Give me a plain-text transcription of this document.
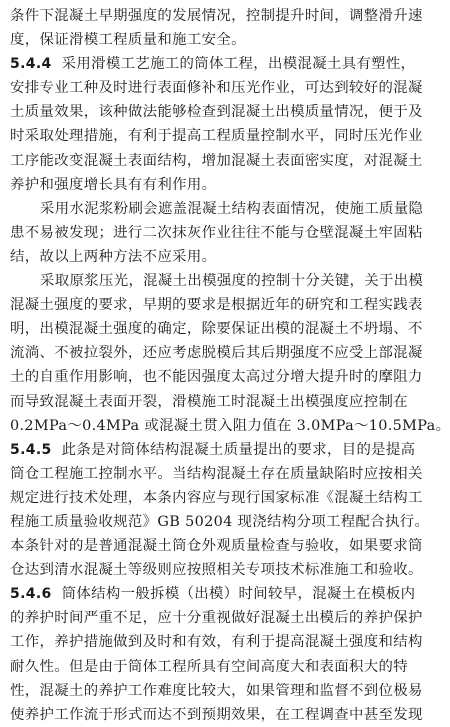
条件下混凝土早期强度的发展情况，控制提升时间，调整滑升速
度，保证滑模工程质量和施工安全。
5.4.4 采用滑模工艺施工的筒体工程，出模混凝土具有塑性，
安排专业工种及时进行表面修补和压光作业，可达到较好的混凝
土质量效果，该种做法能够检查到混凝土出模质量情况，便于及
时采取处理措施，有利于提高工程质量控制水平，同时压光作业
工序能改变混凝土表面结构，增加混凝土表面密实度，对混凝土
养护和强度增长具有有利作用。
采用水泥浆粉刷会遮盖混凝土结构表面情况，使施工质量隐
患不易被发现；进行二次抹灰作业往往不能与仓壁混凝土牢固粘
结，故以上两种方法不应采用。
采取原浆压光，混凝土出模强度的控制十分关键，关于出模
混凝土强度的要求，早期的要求是根据近年的研究和工程实践表
明，出模混凝土强度的确定，除要保证出模的混凝土不坍塌、不
流淌、不被拉裂外，还应考虑脱模后其后期强度不应受上部混凝
土的自重作用影响，也不能因强度太高过分增大提升时的摩阻力
而导致混凝土表面开裂，滑模施工时混凝土出模强度应控制在
0.2MPa～0.4MPa 或混凝土贯入阻力值在 3.0MPa～10.5MPa。
5.4.5 此条是对筒体结构混凝土质量提出的要求，目的是提高
筒仓工程施工控制水平。当结构混凝土存在质量缺陷时应按相关
规定进行技术处理，本条内容应与现行国家标准《混凝土结构工
程施工质量验收规范》GB 50204 现浇结构分项工程配合执行。
本条针对的是普通混凝土筒仓外观质量检查与验收，如果要求筒
仓达到清水混凝土等级则应按照相关专项技术标准施工和验收。
5.4.6 筒体结构一般拆模（出模）时间较早，混凝土在模板内
的养护时间严重不足，应十分重视做好混凝土出模后的养护保护
工作，养护措施做到及时和有效，有利于提高混凝土强度和结构
耐久性。但是由于筒体工程所具有空间高度大和表面积大的特
性，混凝土的养护工作难度比较大，如果管理和监督不到位极易
使养护工作流于形式而达不到预期效果，在工程调查中甚至发现
